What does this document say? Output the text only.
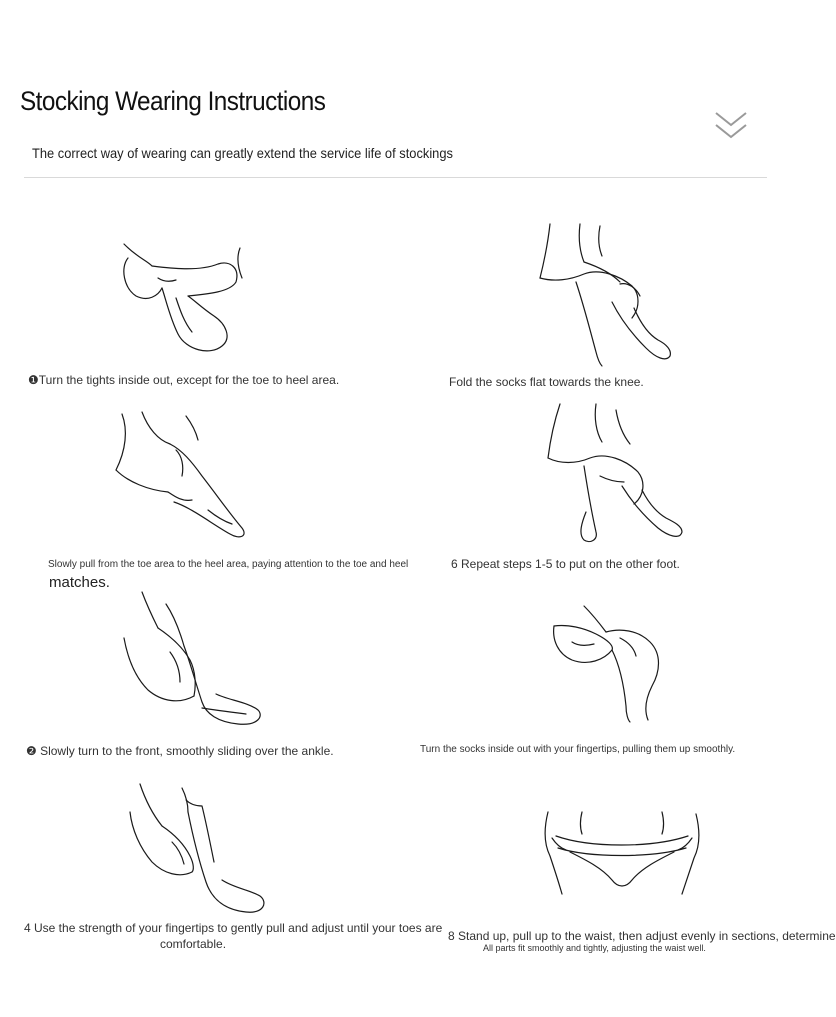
Stocking Wearing Instructions
The correct way of wearing can greatly extend the service life of stockings
❶Turn the tights inside out, except for the toe to heel area.
Slowly pull from the toe area to the heel area, paying attention to the toe and heel
matches.
❷ Slowly turn to the front, smoothly sliding over the ankle.
4 Use the strength of your fingertips to gently pull and adjust until your toes are
comfortable.
Fold the socks flat towards the knee.
6 Repeat steps 1-5 to put on the other foot.
Turn the socks inside out with your fingertips, pulling them up smoothly.
8 Stand up, pull up to the waist, then adjust evenly in sections, determine
All parts fit smoothly and tightly, adjusting the waist well.
